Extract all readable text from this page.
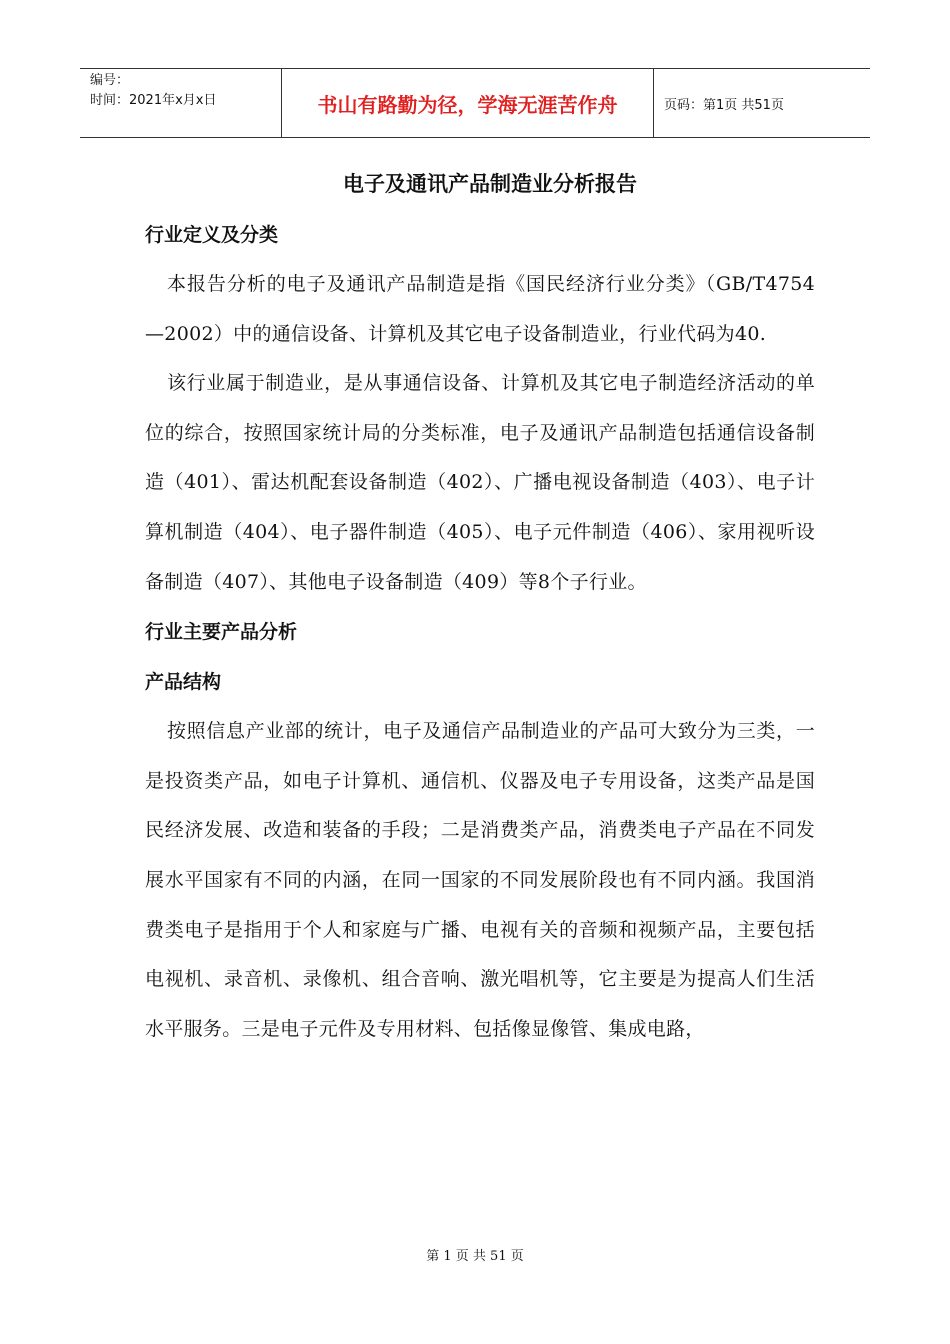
编号：
时间：2021年x月x日	书山有路勤为径，学海无涯苦作舟	页码：第1页 共51页
电子及通讯产品制造业分析报告
行业定义及分类

本报告分析的电子及通讯产品制造是指《国民经济行业分类》（GB/T4754—2002）中的通信设备、计算机及其它电子设备制造业，行业代码为40.

该行业属于制造业，是从事通信设备、计算机及其它电子制造经济活动的单位的综合，按照国家统计局的分类标准，电子及通讯产品制造包括通信设备制造（401）、雷达机配套设备制造（402）、广播电视设备制造（403）、电子计算机制造（404）、电子器件制造（405）、电子元件制造（406）、家用视听设备制造（407）、其他电子设备制造（409）等8个子行业。

行业主要产品分析
产品结构

按照信息产业部的统计，电子及通信产品制造业的产品可大致分为三类，一是投资类产品，如电子计算机、通信机、仪器及电子专用设备，这类产品是国民经济发展、改造和装备的手段；二是消费类产品，消费类电子产品在不同发展水平国家有不同的内涵，在同一国家的不同发展阶段也有不同内涵。我国消费类电子是指用于个人和家庭与广播、电视有关的音频和视频产品，主要包括电视机、录音机、录像机、组合音响、激光唱机等，它主要是为提高人们生活水平服务。三是电子元件及专用材料、包括像显像管、集成电路，

第 1 页 共 51 页
